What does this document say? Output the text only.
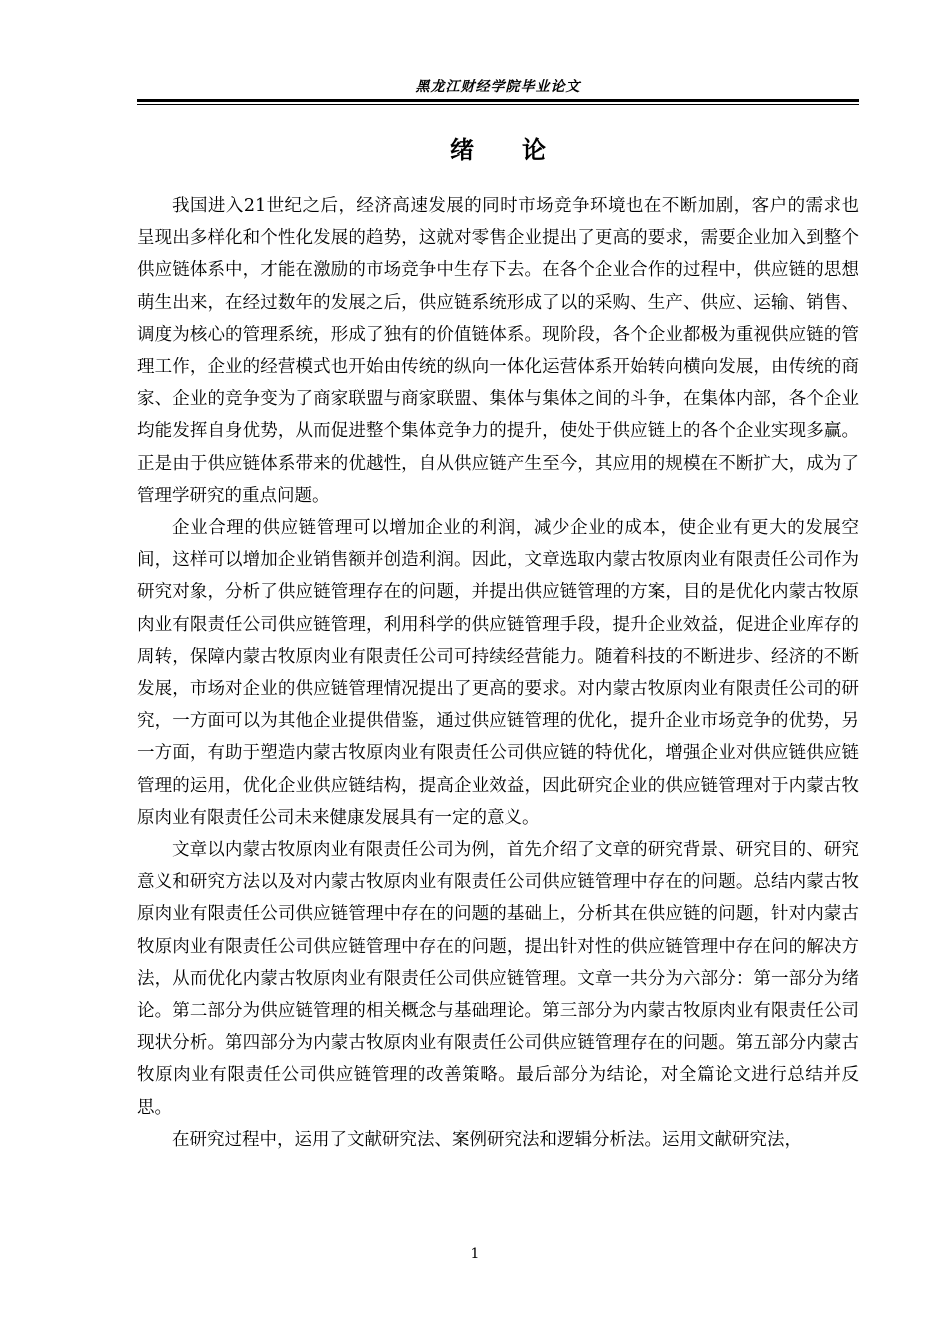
黑龙江财经学院毕业论文
绪 论

我国进入21世纪之后，经济高速发展的同时市场竞争环境也在不断加剧，客户的需求也呈现出多样化和个性化发展的趋势，这就对零售企业提出了更高的要求，需要企业加入到整个供应链体系中，才能在激励的市场竞争中生存下去。在各个企业合作的过程中，供应链的思想萌生出来，在经过数年的发展之后，供应链系统形成了以的采购、生产、供应、运输、销售、调度为核心的管理系统，形成了独有的价值链体系。现阶段，各个企业都极为重视供应链的管理工作，企业的经营模式也开始由传统的纵向一体化运营体系开始转向横向发展，由传统的商家、企业的竞争变为了商家联盟与商家联盟、集体与集体之间的斗争，在集体内部，各个企业均能发挥自身优势，从而促进整个集体竞争力的提升，使处于供应链上的各个企业实现多赢。正是由于供应链体系带来的优越性，自从供应链产生至今，其应用的规模在不断扩大，成为了管理学研究的重点问题。

企业合理的供应链管理可以增加企业的利润，减少企业的成本，使企业有更大的发展空间，这样可以增加企业销售额并创造利润。因此，文章选取内蒙古牧原肉业有限责任公司作为研究对象，分析了供应链管理存在的问题，并提出供应链管理的方案，目的是优化内蒙古牧原肉业有限责任公司供应链管理，利用科学的供应链管理手段，提升企业效益，促进企业库存的周转，保障内蒙古牧原肉业有限责任公司可持续经营能力。随着科技的不断进步、经济的不断发展，市场对企业的供应链管理情况提出了更高的要求。对内蒙古牧原肉业有限责任公司的研究，一方面可以为其他企业提供借鉴，通过供应链管理的优化，提升企业市场竞争的优势，另一方面，有助于塑造内蒙古牧原肉业有限责任公司供应链的特优化，增强企业对供应链供应链管理的运用，优化企业供应链结构，提高企业效益，因此研究企业的供应链管理对于内蒙古牧原肉业有限责任公司未来健康发展具有一定的意义。

文章以内蒙古牧原肉业有限责任公司为例，首先介绍了文章的研究背景、研究目的、研究意义和研究方法以及对内蒙古牧原肉业有限责任公司供应链管理中存在的问题。总结内蒙古牧原肉业有限责任公司供应链管理中存在的问题的基础上，分析其在供应链的问题，针对内蒙古牧原肉业有限责任公司供应链管理中存在的问题，提出针对性的供应链管理中存在问的解决方法，从而优化内蒙古牧原肉业有限责任公司供应链管理。文章一共分为六部分：第一部分为绪论。第二部分为供应链管理的相关概念与基础理论。第三部分为内蒙古牧原肉业有限责任公司现状分析。第四部分为内蒙古牧原肉业有限责任公司供应链管理存在的问题。第五部分内蒙古牧原肉业有限责任公司供应链管理的改善策略。最后部分为结论，对全篇论文进行总结并反思。

在研究过程中，运用了文献研究法、案例研究法和逻辑分析法。运用文献研究法，

1
